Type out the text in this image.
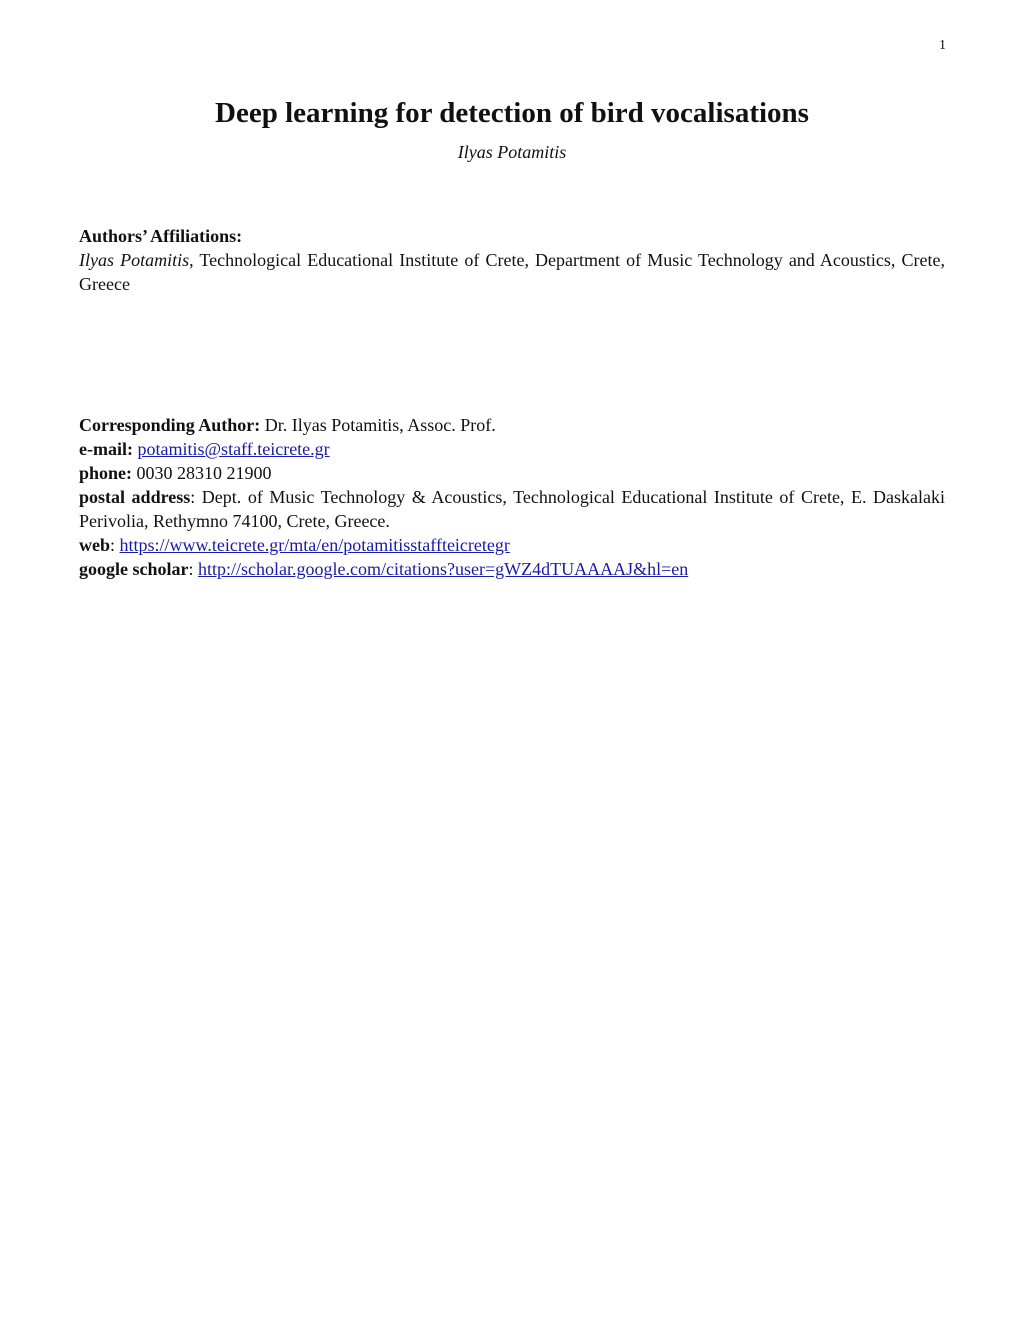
1
Deep learning for detection of bird vocalisations
Ilyas Potamitis
Authors’ Affiliations:
Ilyas Potamitis, Technological Educational Institute of Crete, Department of Music Technology and Acoustics, Crete, Greece
Corresponding Author: Dr. Ilyas Potamitis, Assoc. Prof.
e-mail: potamitis@staff.teicrete.gr
phone: 0030 28310 21900
postal address: Dept. of Music Technology & Acoustics, Technological Educational Institute of Crete, E. Daskalaki Perivolia, Rethymno 74100, Crete, Greece.
web: https://www.teicrete.gr/mta/en/potamitisstaffteicretegr
google scholar: http://scholar.google.com/citations?user=gWZ4dTUAAAAJ&hl=en
